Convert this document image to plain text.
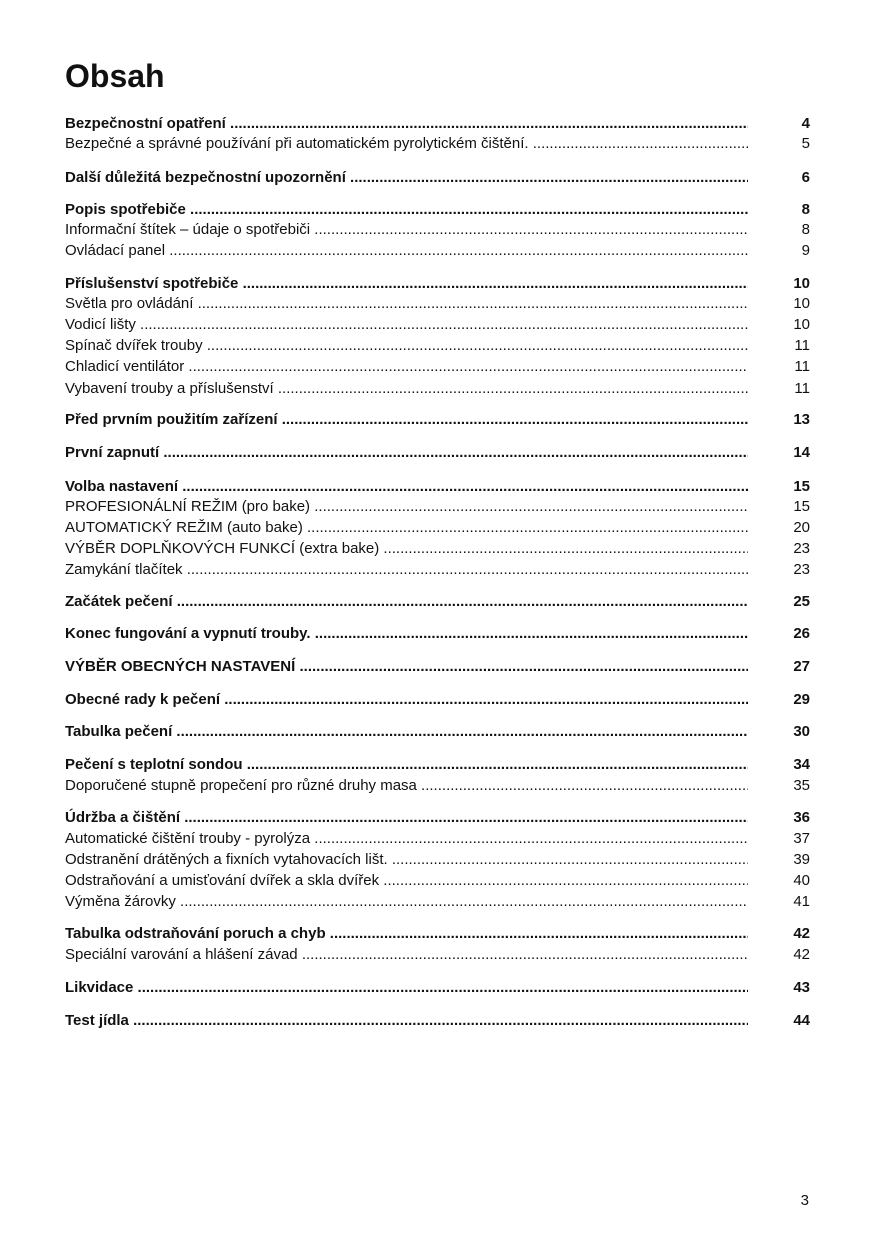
Obsah
Bezpečnostní opatření .....	4
Bezpečné a správné používání při automatickém pyrolytickém čištění. .....	5
Další důležitá bezpečnostní upozornění .....	6
Popis spotřebiče .....	8
Informační štítek – údaje o spotřebiči .....	8
Ovládací panel .....	9
Příslušenství spotřebiče .....	10
Světla pro ovládání .....	10
Vodicí lišty .....	10
Spínač dvířek trouby .....	11
Chladicí ventilátor .....	11
Vybavení trouby a příslušenství .....	11
Před prvním použitím zařízení .....	13
První zapnutí .....	14
Volba nastavení .....	15
PROFESIONÁLNÍ REŽIM (pro bake) .....	15
AUTOMATICKÝ REŽIM (auto bake) .....	20
VÝBĚR DOPLŇKOVÝCH FUNKCÍ (extra bake) .....	23
Zamykání tlačítek .....	23
Začátek pečení .....	25
Konec fungování a vypnutí trouby. .....	26
VÝBĚR OBECNÝCH NASTAVENÍ .....	27
Obecné rady k pečení .....	29
Tabulka pečení .....	30
Pečení s teplotní sondou .....	34
Doporučené stupně propečení pro různé druhy masa .....	35
Údržba a čištění .....	36
Automatické čištění trouby - pyrolýza .....	37
Odstranění drátěných a fixních vytahovacích lišt. .....	39
Odstraňování a umisťování dvířek a skla dvířek .....	40
Výměna žárovky .....	41
Tabulka odstraňování poruch a chyb .....	42
Speciální varování a hlášení závad .....	42
Likvidace .....	43
Test jídla .....	44
3
